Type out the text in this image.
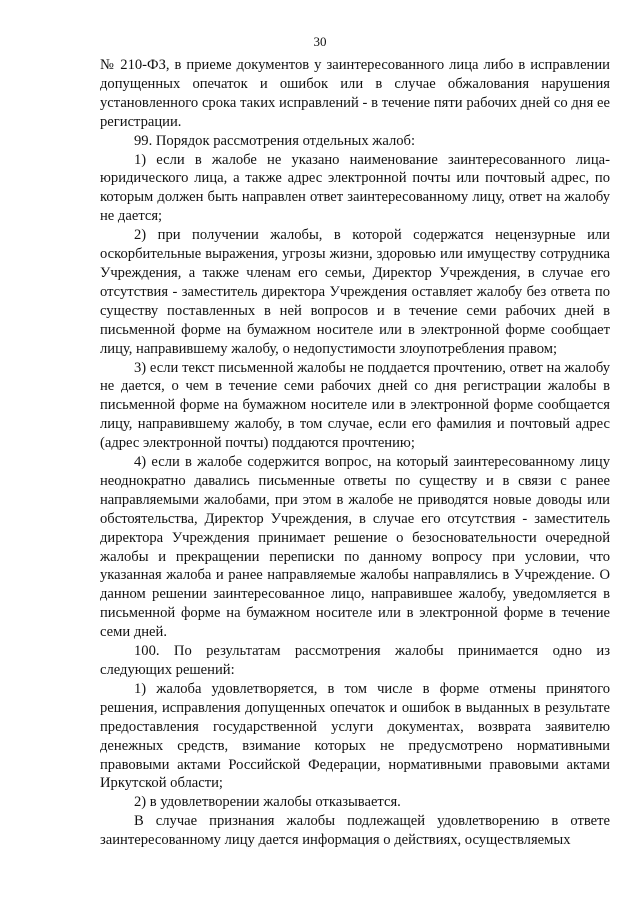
30

№ 210-ФЗ, в приеме документов у заинтересованного лица либо в исправлении допущенных опечаток и ошибок или в случае обжалования нарушения установленного срока таких исправлений - в течение пяти рабочих дней со дня ее регистрации.

99. Порядок рассмотрения отдельных жалоб:

1) если в жалобе не указано наименование заинтересованного лица-юридического лица, а также адрес электронной почты или почтовый адрес, по которым должен быть направлен ответ заинтересованному лицу, ответ на жалобу не дается;

2) при получении жалобы, в которой содержатся нецензурные или оскорбительные выражения, угрозы жизни, здоровью или имуществу сотрудника Учреждения, а также членам его семьи, Директор Учреждения, в случае его отсутствия - заместитель директора Учреждения оставляет жалобу без ответа по существу поставленных в ней вопросов и в течение семи рабочих дней в письменной форме на бумажном носителе или в электронной форме сообщает лицу, направившему жалобу, о недопустимости злоупотребления правом;

3) если текст письменной жалобы не поддается прочтению, ответ на жалобу не дается, о чем в течение семи рабочих дней со дня регистрации жалобы в письменной форме на бумажном носителе или в электронной форме сообщается лицу, направившему жалобу, в том случае, если его фамилия и почтовый адрес (адрес электронной почты) поддаются прочтению;

4) если в жалобе содержится вопрос, на который заинтересованному лицу неоднократно давались письменные ответы по существу и в связи с ранее направляемыми жалобами, при этом в жалобе не приводятся новые доводы или обстоятельства, Директор Учреждения, в случае его отсутствия - заместитель директора Учреждения принимает решение о безосновательности очередной жалобы и прекращении переписки по данному вопросу при условии, что указанная жалоба и ранее направляемые жалобы направлялись в Учреждение. О данном решении заинтересованное лицо, направившее жалобу, уведомляется в письменной форме на бумажном носителе или в электронной форме в течение семи дней.

100. По результатам рассмотрения жалобы принимается одно из следующих решений:

1) жалоба удовлетворяется, в том числе в форме отмены принятого решения, исправления допущенных опечаток и ошибок в выданных в результате предоставления государственной услуги документах, возврата заявителю денежных средств, взимание которых не предусмотрено нормативными правовыми актами Российской Федерации, нормативными правовыми актами Иркутской области;

2) в удовлетворении жалобы отказывается.

В случае признания жалобы подлежащей удовлетворению в ответе заинтересованному лицу дается информация о действиях, осуществляемых
